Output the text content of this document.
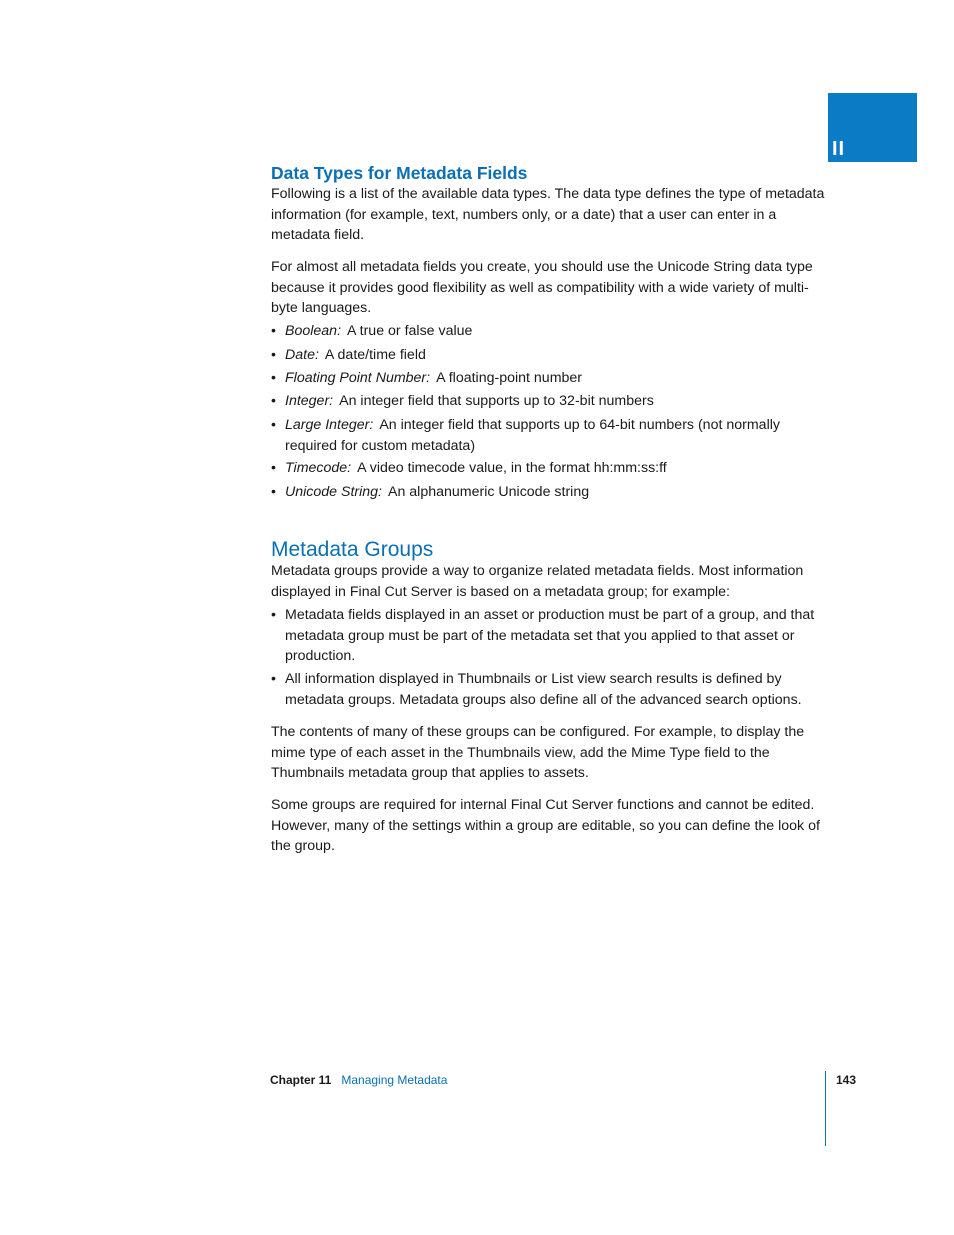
II
Data Types for Metadata Fields

Following is a list of the available data types. The data type defines the type of metadata information (for example, text, numbers only, or a date) that a user can enter in a metadata field.

For almost all metadata fields you create, you should use the Unicode String data type because it provides good flexibility as well as compatibility with a wide variety of multi-byte languages.

• Boolean: A true or false value
• Date: A date/time field
• Floating Point Number: A floating-point number
• Integer: An integer field that supports up to 32-bit numbers
• Large Integer: An integer field that supports up to 64-bit numbers (not normally required for custom metadata)
• Timecode: A video timecode value, in the format hh:mm:ss:ff
• Unicode String: An alphanumeric Unicode string
Metadata Groups

Metadata groups provide a way to organize related metadata fields. Most information displayed in Final Cut Server is based on a metadata group; for example:

• Metadata fields displayed in an asset or production must be part of a group, and that metadata group must be part of the metadata set that you applied to that asset or production.
• All information displayed in Thumbnails or List view search results is defined by metadata groups. Metadata groups also define all of the advanced search options.

The contents of many of these groups can be configured. For example, to display the mime type of each asset in the Thumbnails view, add the Mime Type field to the Thumbnails metadata group that applies to assets.

Some groups are required for internal Final Cut Server functions and cannot be edited. However, many of the settings within a group are editable, so you can define the look of the group.

Chapter 11 Managing Metadata	143
